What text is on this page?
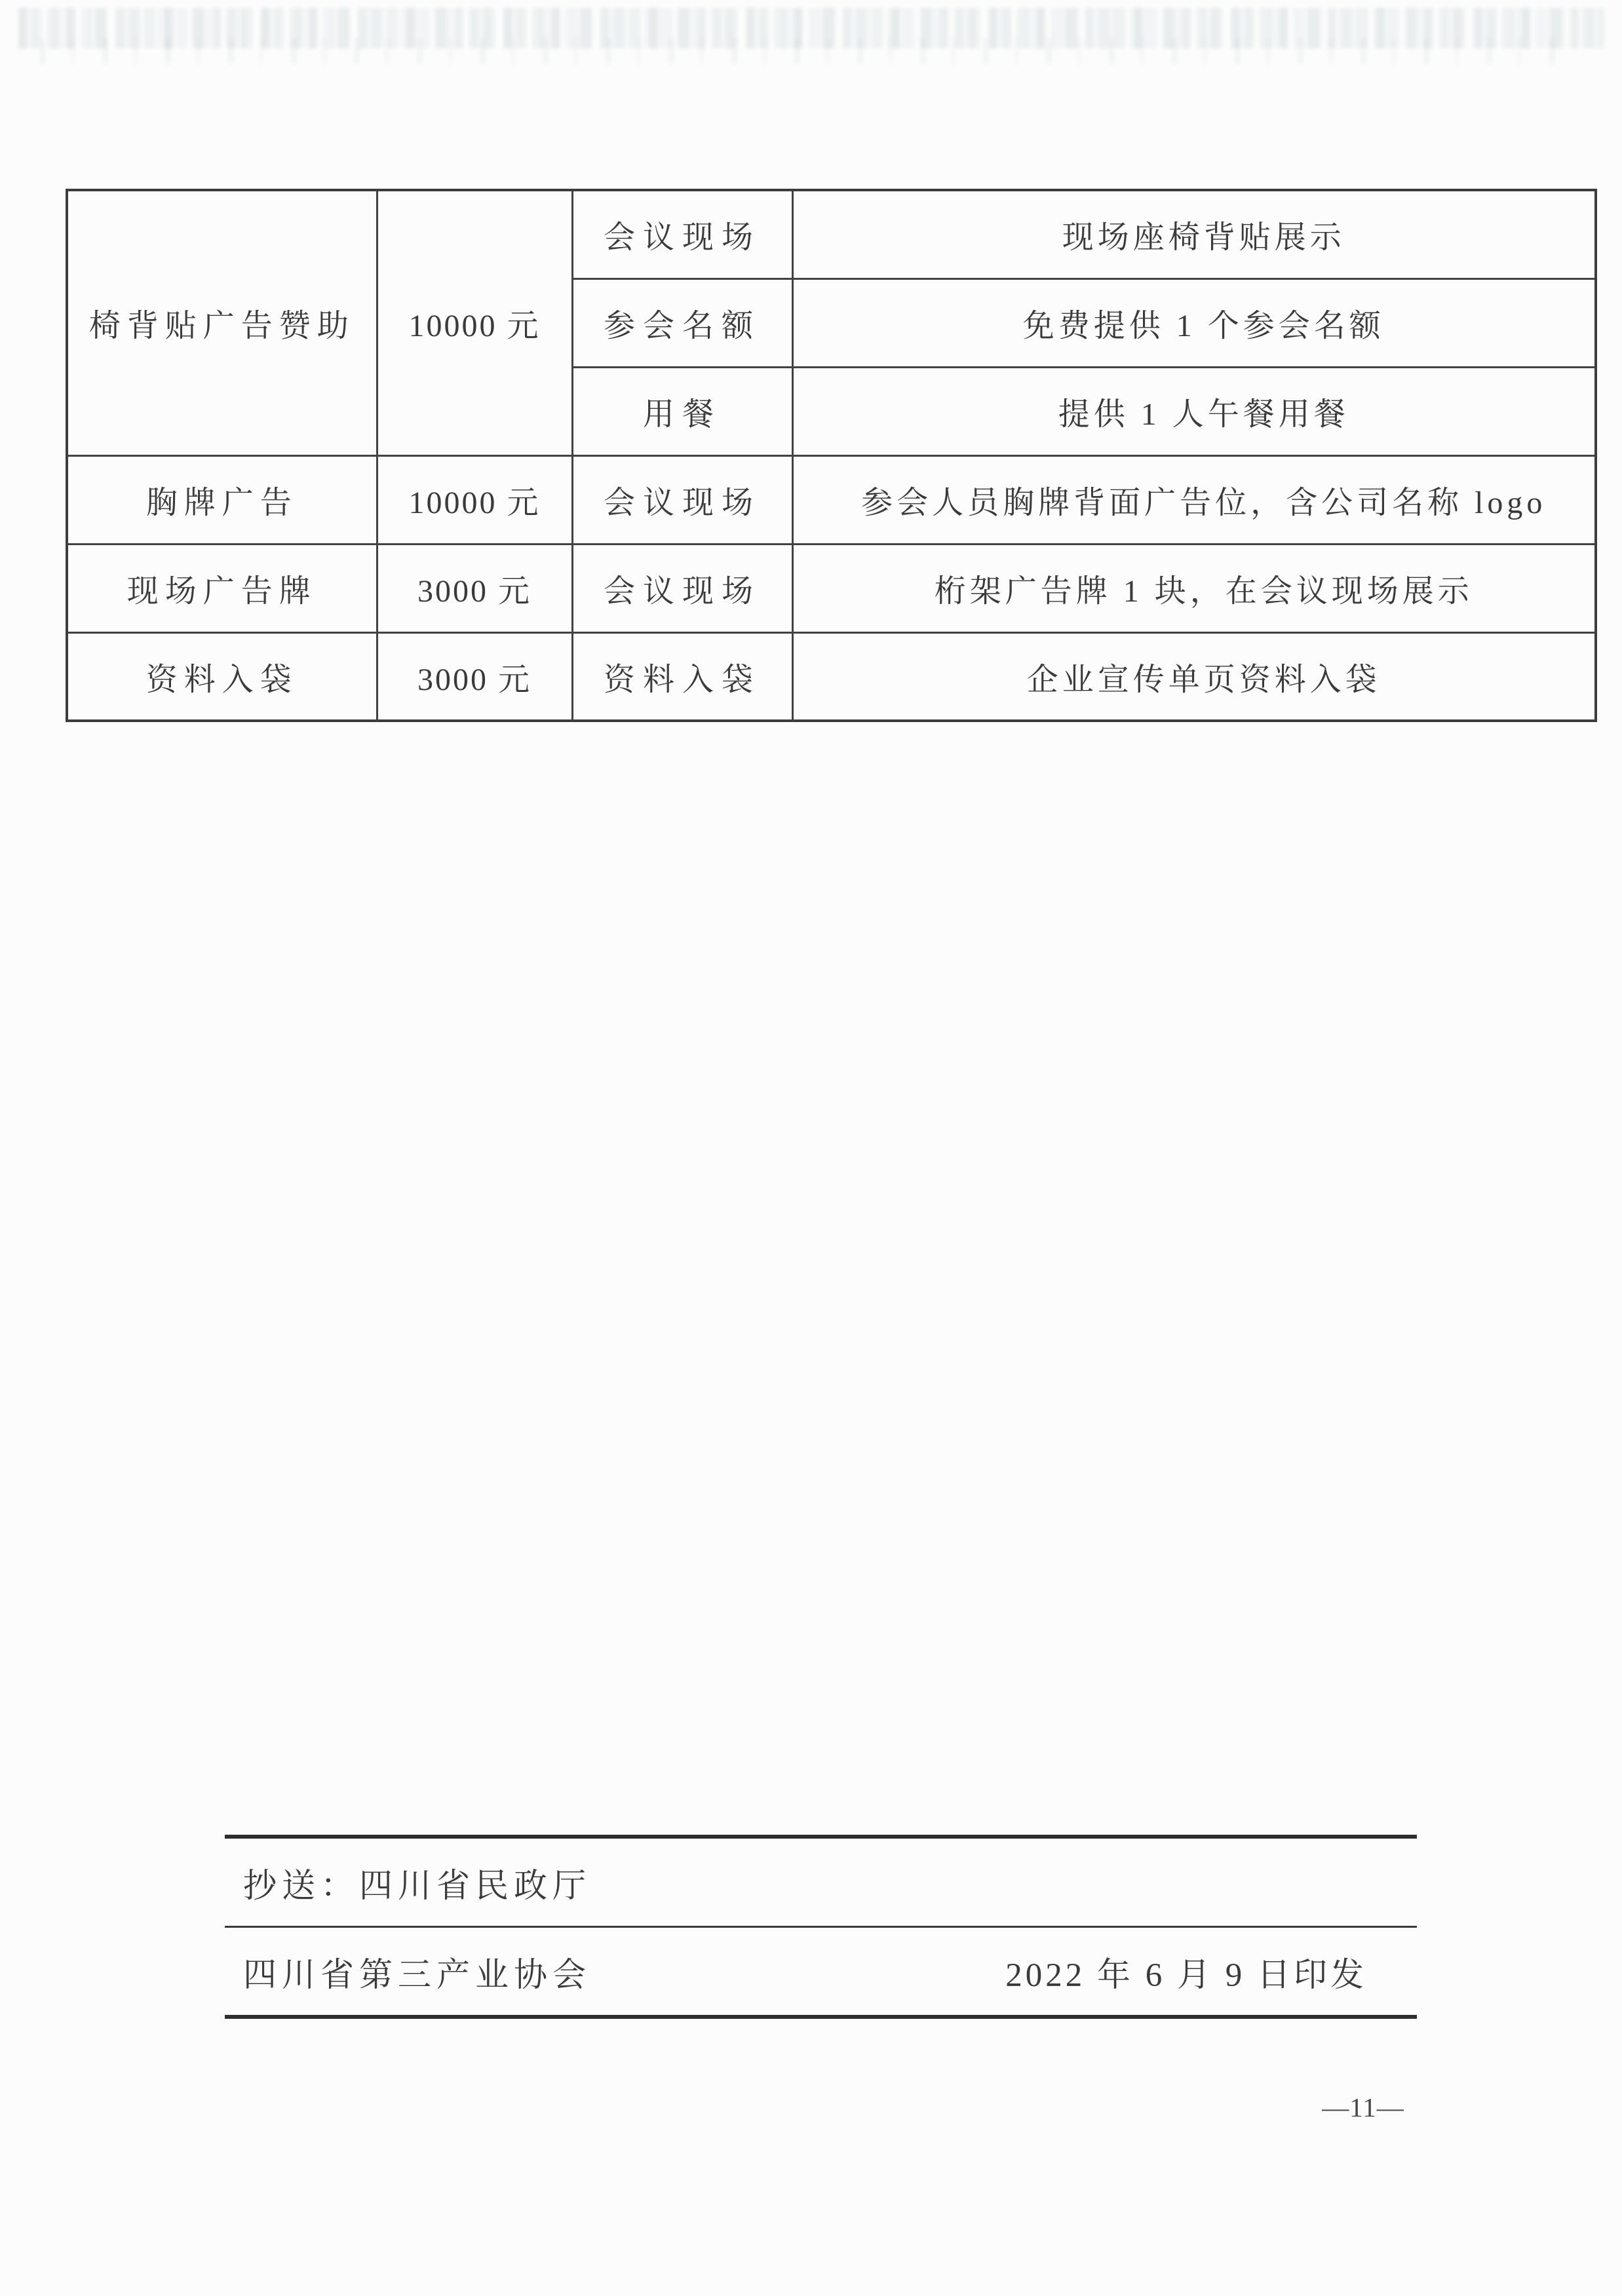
椅背贴广告赞助	10000 元	会议现场	现场座椅背贴展示
		参会名额	免费提供 1 个参会名额
		用餐	提供 1 人午餐用餐
胸牌广告	10000 元	会议现场	参会人员胸牌背面广告位，含公司名称 logo
现场广告牌	3000 元	会议现场	桁架广告牌 1 块，在会议现场展示
资料入袋	3000 元	资料入袋	企业宣传单页资料入袋
抄送：四川省民政厅
四川省第三产业协会	2022 年 6 月 9 日印发
—11—
